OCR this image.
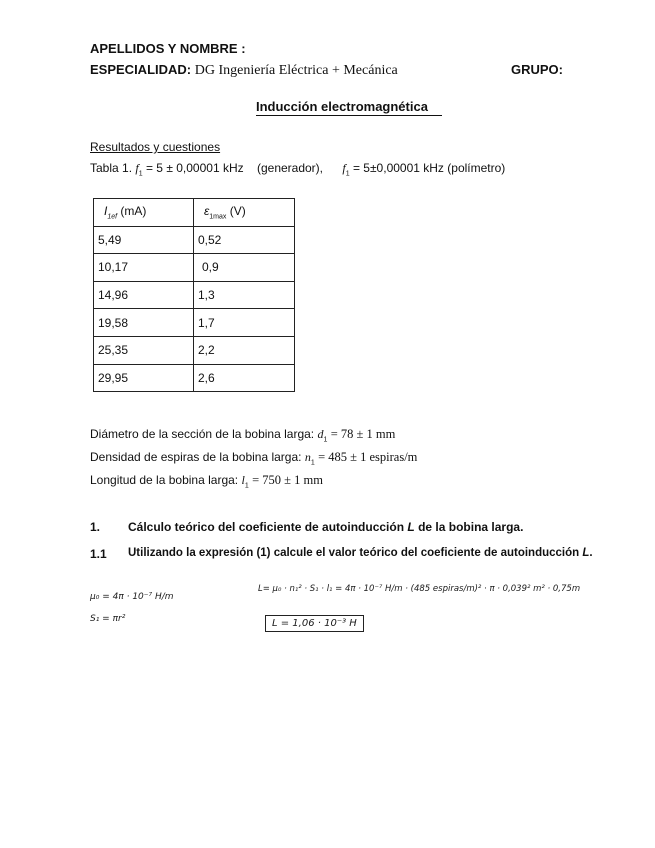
APELLIDOS Y NOMBRE :
ESPECIALIDAD: DG Ingeniería Eléctrica + Mecánica	GRUPO:
Inducción electromagnética
Resultados y cuestiones
Tabla 1. $f_1 = 5 \pm 0,00001$ kHz (generador), $f_1 = 5\pm 0,00001$ kHz (polímetro)
$I_{1ef}$ (mA)	$\varepsilon_{1max}$ (V)
5,49	0,52
10,17	0,9
14,96	1,3
19,58	1,7
25,35	2,2
29,95	2,6
Diámetro de la sección de la bobina larga: $d_1 = 78 \pm 1$ mm
Densidad de espiras de la bobina larga: $n_1 = 485 \pm 1$ espiras/m
Longitud de la bobina larga: $l_1 = 750 \pm 1$ mm
1. Cálculo teórico del coeficiente de autoinducción L de la bobina larga.
1.1 Utilizando la expresión (1) calcule el valor teórico del coeficiente de autoinducción L.
μ₀ = 4π · 10⁻⁷ H/m
S₁ = πr²
L= μ₀ · n₁² · S₁ · l₁ = 4π · 10⁻⁷ H/m · (485 espiras/m)² · π · 0,039² m² · 0,75m
L = 1,06 · 10⁻³ H
